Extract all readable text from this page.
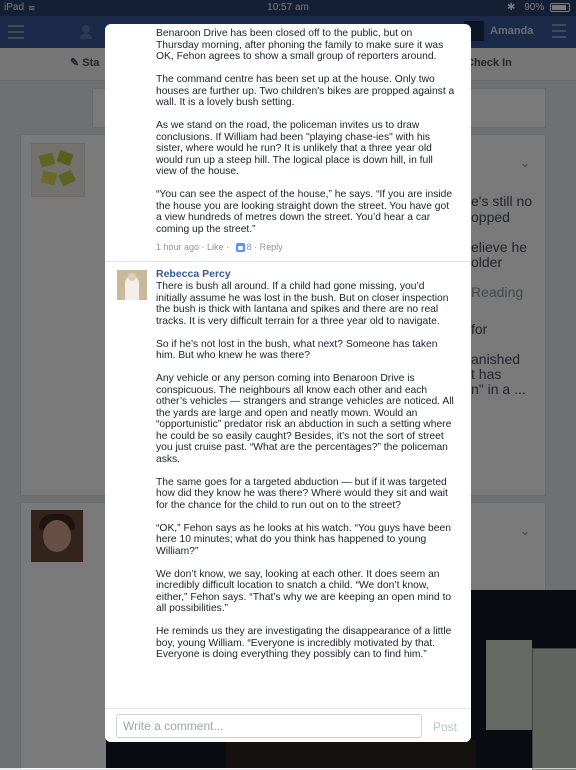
Benaroon Drive has been closed off to the public, but on Thursday morning, after phoning the family to make sure it was OK, Fehon agrees to show a small group of reporters around.

The command centre has been set up at the house. Only two houses are further up. Two children's bikes are propped against a wall. It is a lovely bush setting.

As we stand on the road, the policeman invites us to draw conclusions. If William had been "playing chase-ies" with his sister, where would he run? It is unlikely that a three year old would run up a steep hill. The logical place is down hill, in full view of the house.

“You can see the aspect of the house,” he says. “If you are inside the house you are looking straight down the street. You have got a view hundreds of metres down the street. You’d hear a car coming up the street.”

1 hour ago · Like · 8 · Reply
Rebecca Percy

There is bush all around. If a child had gone missing, you’d initially assume he was lost in the bush. But on closer inspection the bush is thick with lantana and spikes and there are no real tracks. It is very difficult terrain for a three year old to navigate.

So if he’s not lost in the bush, what next? Someone has taken him. But who knew he was there?

Any vehicle or any person coming into Benaroon Drive is conspicuous. The neighbours all know each other and each other’s vehicles — strangers and strange vehicles are noticed. All the yards are large and open and neatly mown. Would an “opportunistic” predator risk an abduction in such a setting where he could be so easily caught? Besides, it’s not the sort of street you just cruise past. “What are the percentages?” the policeman asks.

The same goes for a targeted abduction — but if it was targeted how did they know he was there? Where would they sit and wait for the chance for the child to run out on to the street?

“OK,” Fehon says as he looks at his watch. “You guys have been here 10 minutes; what do you think has happened to young William?”

We don’t know, we say, looking at each other. It does seem an incredibly difficult location to snatch a child. “We don’t know, either,” Fehon says. “That’s why we are keeping an open mind to all possibilities.”

He reminds us they are investigating the disappearance of a little boy, young William. “Everyone is incredibly motivated by that. Everyone is doing everything they possibly can to find him.”

Write a comment...
Post
